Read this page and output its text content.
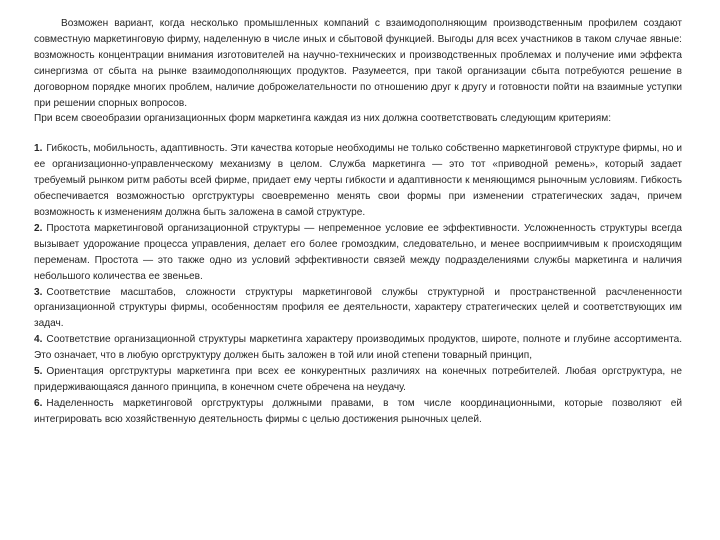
Возможен вариант, когда несколько промышленных компаний с взаимодополняющим производственным профилем создают совместную маркетинговую фирму, наделенную в числе иных и сбытовой функцией. Выгоды для всех участников в таком случае явные: возможность концентрации внимания изготовителей на научно-технических и производственных проблемах и получение ими эффекта синергизма от сбыта на рынке взаимодополняющих продуктов. Разумеется, при такой организации сбыта потребуются решение в договорном порядке многих проблем, наличие доброжелательности по отношению друг к другу и готовности пойти на взаимные уступки при решении спорных вопросов.

При всем своеобразии организационных форм маркетинга каждая из них должна соответствовать следующим критериям:

1. Гибкость, мобильность, адаптивность. Эти качества которые необходимы не только собственно маркетинговой структуре фирмы, но и ее организационно-управленческому механизму в целом. Служба маркетинга — это тот «приводной ремень», который задает требуемый рынком ритм работы всей фирме, придает ему черты гибкости и адаптивности к меняющимся рыночным условиям. Гибкость обеспечивается возможностью оргструктуры своевременно менять свои формы при изменении стратегических задач, причем возможность к изменениям должна быть заложена в самой структуре.

2. Простота маркетинговой организационной структуры — непременное условие ее эффективности. Усложненность структуры всегда вызывает удорожание процесса управления, делает его более громоздким, следовательно, и менее восприимчивым к происходящим переменам. Простота — это также одно из условий эффективности связей между подразделениями службы маркетинга и наличия небольшого количества ее звеньев.

3. Соответствие масштабов, сложности структуры маркетинговой службы структурной и пространственной расчлененности организационной структуры фирмы, особенностям профиля ее деятельности, характеру стратегических целей и соответствующих им задач.

4. Соответствие организационной структуры маркетинга характеру производимых продуктов, широте, полноте и глубине ассортимента. Это означает, что в любую оргструктуру должен быть заложен в той или иной степени товарный принцип,

5. Ориентация оргструктуры маркетинга при всех ее конкурентных различиях на конечных потребителей. Любая оргструктура, не придерживающаяся данного принципа, в конечном счете обречена на неудачу.

6. Наделенность маркетинговой оргструктуры должными правами, в том числе координационными, которые позволяют ей интегрировать всю хозяйственную деятельность фирмы с целью достижения рыночных целей.
